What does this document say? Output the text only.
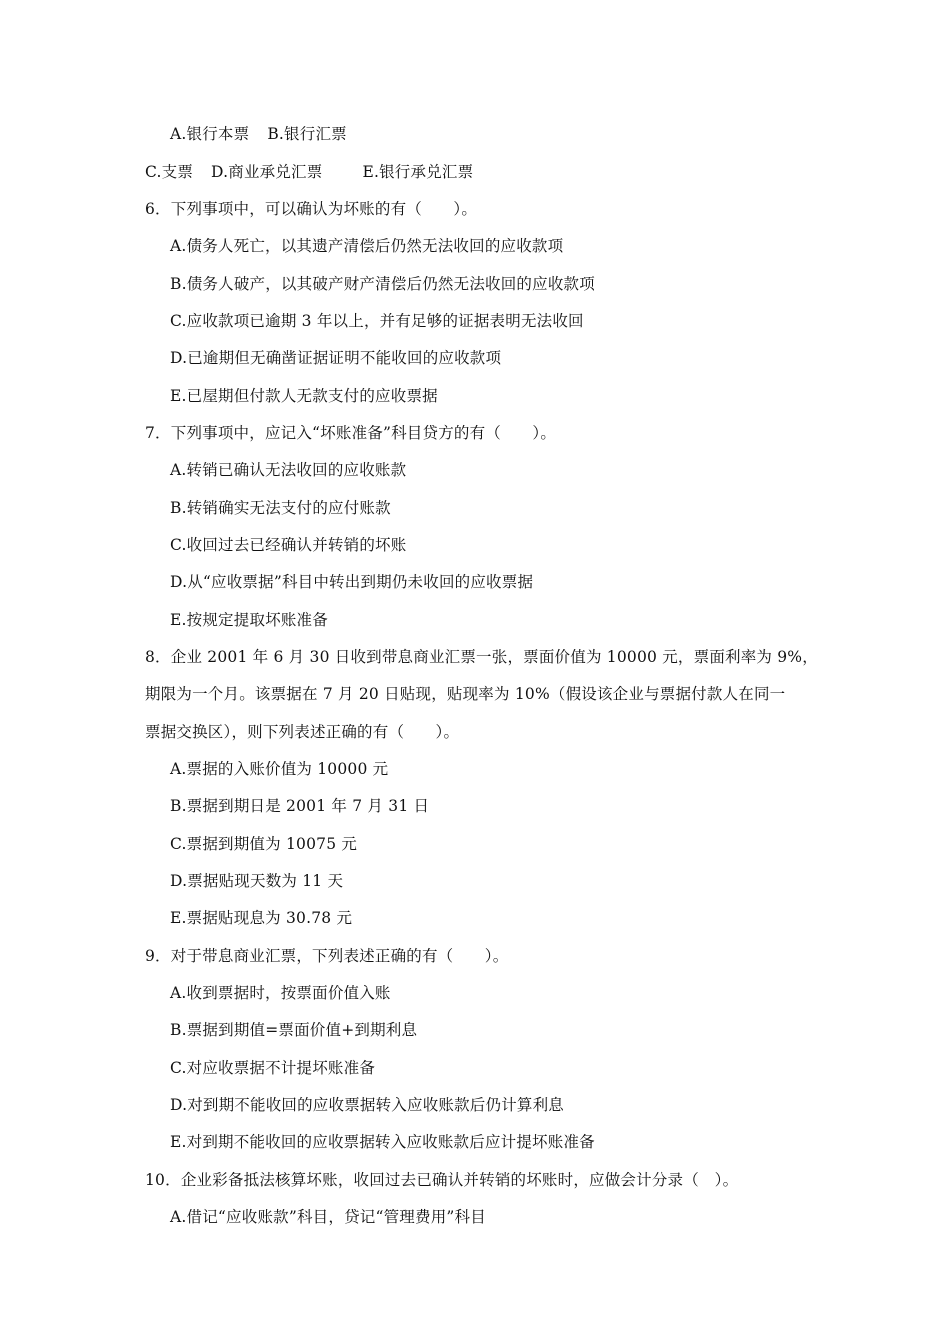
A.银行本票 B.银行汇票
C.支票 D.商业承兑汇票	E.银行承兑汇票
6．下列事项中，可以确认为坏账的有（　　）。
A.债务人死亡，以其遗产清偿后仍然无法收回的应收款项
B.债务人破产，以其破产财产清偿后仍然无法收回的应收款项
C.应收款项已逾期 3 年以上，并有足够的证据表明无法收回
D.已逾期但无确凿证据证明不能收回的应收款项
E.已屋期但付款人无款支付的应收票据
7．下列事项中，应记入“坏账准备”科目贷方的有（　　）。
A.转销已确认无法收回的应收账款
B.转销确实无法支付的应付账款
C.收回过去已经确认并转销的坏账
D.从“应收票据”科目中转出到期仍未收回的应收票据
E.按规定提取坏账准备
8．企业 2001 年 6 月 30 日收到带息商业汇票一张，票面价值为 10000 元，票面利率为 9%，
期限为一个月。该票据在 7 月 20 日贴现，贴现率为 10%（假设该企业与票据付款人在同一
票据交换区），则下列表述正确的有（　　）。
A.票据的入账价值为 10000 元
B.票据到期日是 2001 年 7 月 31 日
C.票据到期值为 10075 元
D.票据贴现天数为 11 天
E.票据贴现息为 30.78 元
9．对于带息商业汇票，下列表述正确的有（　　）。
A.收到票据时，按票面价值入账
B.票据到期值=票面价值+到期利息
C.对应收票据不计提坏账准备
D.对到期不能收回的应收票据转入应收账款后仍计算利息
E.对到期不能收回的应收票据转入应收账款后应计提坏账准备
10．企业彩备抵法核算坏账，收回过去已确认并转销的坏账时，应做会计分录（　）。
A.借记“应收账款”科目，贷记“管理费用”科目
